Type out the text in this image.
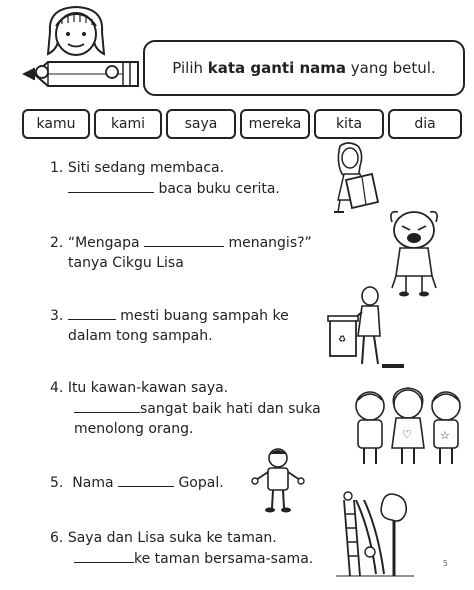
Pilih kata ganti nama yang betul.
kamu	kami	saya	mereka	kita	dia
1. Siti sedang membaca.
baca buku cerita.
2. “Mengapa	menangis?”
tanya Cikgu Lisa
3.	mesti buang sampah ke
dalam tong sampah.	♻
4. Itu kawan-kawan saya.
sangat baik hati dan suka
menolong orang.	♡	☆
5. Nama	Gopal.
6. Saya dan Lisa suka ke taman.
ke taman bersama-sama.	5
